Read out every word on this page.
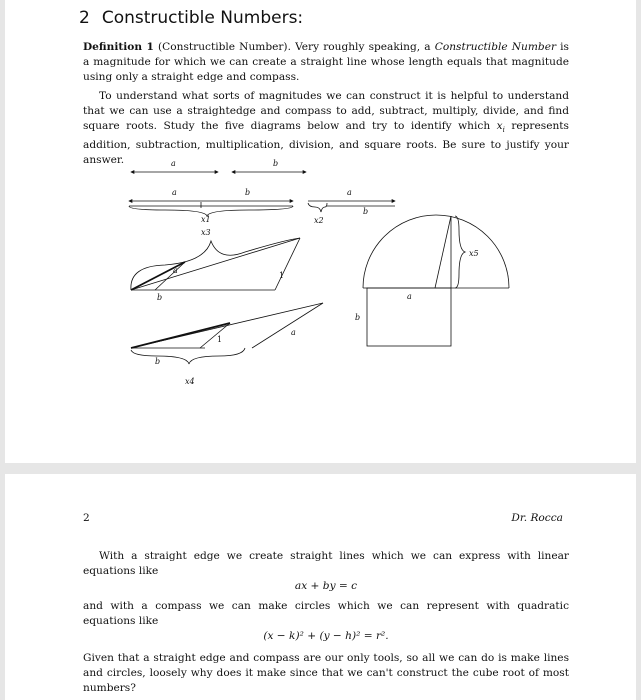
2 Constructible Numbers:

Definition 1 (Constructible Number). Very roughly speaking, a Constructible Number is a magnitude for which we can create a straight line whose length equals that magnitude using only a straight edge and compass.

To understand what sorts of magnitudes we can construct it is helpful to understand that we can use a straightedge and compass to add, subtract, multiply, divide, and find square roots. Study the five diagrams below and try to identify which $x_i$ represents addition, subtraction, multiplication, division, and square roots. Be sure to justify your answer.	a	b
a	b
x1
a
b
x2
a
b
1
x3
b
1
a
x4
x5
a
b
2	Dr. Rocca

With a straight edge we create straight lines which we can express with linear equations like

ax + by = c

and with a compass we can make circles which we can represent with quadratic equations like

(x − k)² + (y − h)² = r².

Given that a straight edge and compass are our only tools, so all we can do is make lines and circles, loosely why does it make since that we can't construct the cube root of most numbers?
